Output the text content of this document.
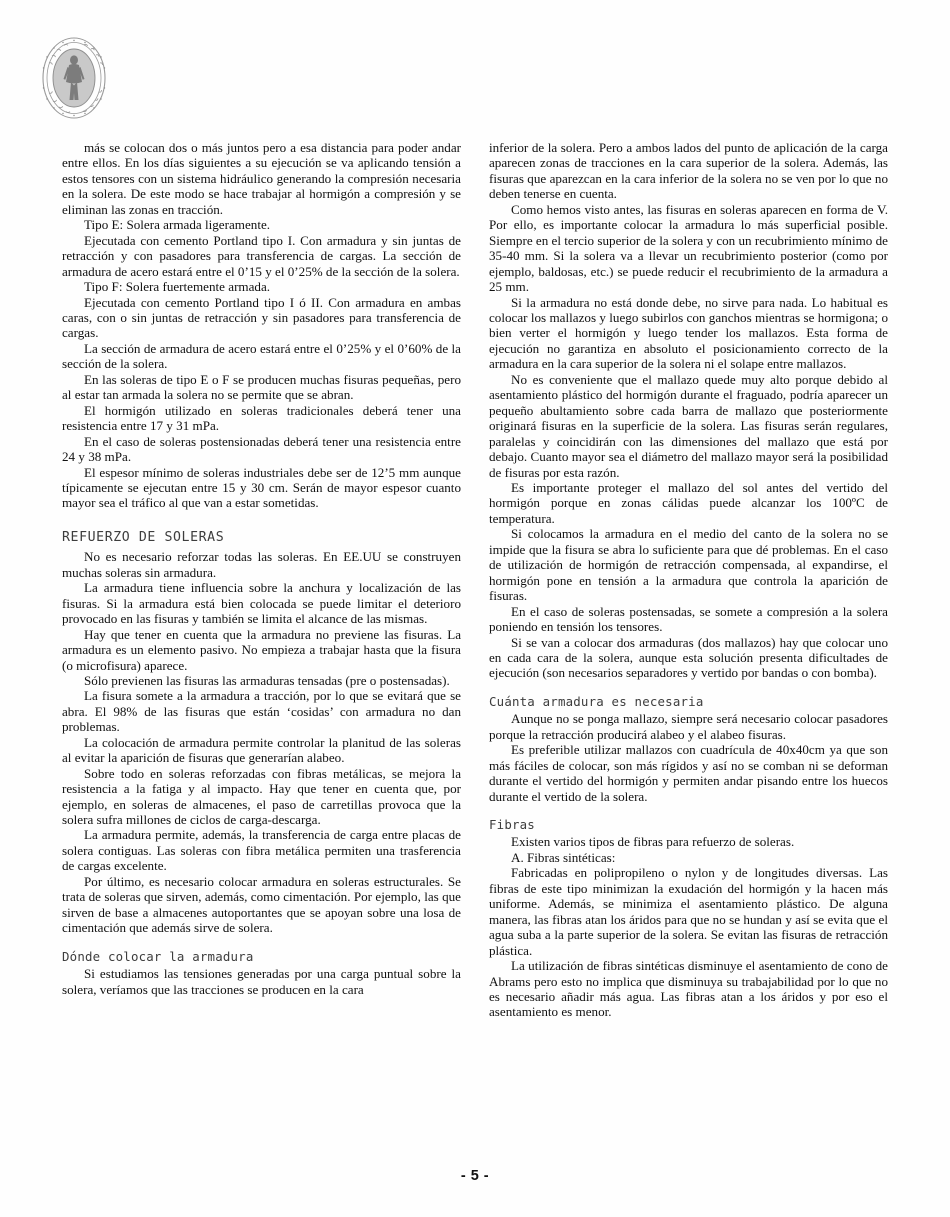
más se colocan dos o más juntos pero a esa distancia para poder andar entre ellos. En los días siguientes a su ejecución se va aplicando tensión a estos tensores con un sistema hidráulico generando la compresión necesaria en la solera. De este modo se hace trabajar al hormigón a compresión y se eliminan las zonas en tracción.

Tipo E: Solera armada ligeramente.

Ejecutada con cemento Portland tipo I. Con armadura y sin juntas de retracción y con pasadores para transferencia de cargas. La sección de armadura de acero estará entre el 0’15 y el 0’25% de la sección de la solera.

Tipo F: Solera fuertemente armada.

Ejecutada con cemento Portland tipo I ó II. Con armadura en ambas caras, con o sin juntas de retracción y sin pasadores para transferencia de cargas.

La sección de armadura de acero estará entre el 0’25% y el 0’60% de la sección de la solera.

En las soleras de tipo E o F se producen muchas fisuras pequeñas, pero al estar tan armada la solera no se permite que se abran.

El hormigón utilizado en soleras tradicionales deberá tener una resistencia entre 17 y 31 mPa.

En el caso de soleras postensionadas deberá tener una resistencia entre 24 y 38 mPa.

El espesor mínimo de soleras industriales debe ser de 12’5 mm aunque típicamente se ejecutan entre 15 y 30 cm. Serán de mayor espesor cuanto mayor sea el tráfico al que van a estar sometidas.

REFUERZO DE SOLERAS

No es necesario reforzar todas las soleras. En EE.UU se construyen muchas soleras sin armadura.

La armadura tiene influencia sobre la anchura y localización de las fisuras. Si la armadura está bien colocada se puede limitar el deterioro provocado en las fisuras y también se limita el alcance de las mismas.

Hay que tener en cuenta que la armadura no previene las fisuras. La armadura es un elemento pasivo. No empieza a trabajar hasta que la fisura (o microfisura) aparece.

Sólo previenen las fisuras las armaduras tensadas (pre o postensadas).

La fisura somete a la armadura a tracción, por lo que se evitará que se abra. El 98% de las fisuras que están ‘cosidas’ con armadura no dan problemas.

La colocación de armadura permite controlar la planitud de las soleras al evitar la aparición de fisuras que generarían alabeo.

Sobre todo en soleras reforzadas con fibras metálicas, se mejora la resistencia a la fatiga y al impacto. Hay que tener en cuenta que, por ejemplo, en soleras de almacenes, el paso de carretillas provoca que la solera sufra millones de ciclos de carga-descarga.

La armadura permite, además, la transferencia de carga entre placas de solera contiguas. Las soleras con fibra metálica permiten una trasferencia de cargas excelente.

Por último, es necesario colocar armadura en soleras estructurales. Se trata de soleras que sirven, además, como cimentación. Por ejemplo, las que sirven de base a almacenes autoportantes que se apoyan sobre una losa de cimentación que además sirve de solera.

Dónde colocar la armadura

Si estudiamos las tensiones generadas por una carga puntual sobre la solera, veríamos que las tracciones se producen en la cara

inferior de la solera. Pero a ambos lados del punto de aplicación de la carga aparecen zonas de tracciones en la cara superior de la solera. Además, las fisuras que aparezcan en la cara inferior de la solera no se ven por lo que no deben tenerse en cuenta.

Como hemos visto antes, las fisuras en soleras aparecen en forma de V. Por ello, es importante colocar la armadura lo más superficial posible. Siempre en el tercio superior de la solera y con un recubrimiento mínimo de 35-40 mm. Si la solera va a llevar un recubrimiento posterior (como por ejemplo, baldosas, etc.) se puede reducir el recubrimiento de la armadura a 25 mm.

Si la armadura no está donde debe, no sirve para nada. Lo habitual es colocar los mallazos y luego subirlos con ganchos mientras se hormigona; o bien verter el hormigón y luego tender los mallazos. Esta forma de ejecución no garantiza en absoluto el posicionamiento correcto de la armadura en la cara superior de la solera ni el solape entre mallazos.

No es conveniente que el mallazo quede muy alto porque debido al asentamiento plástico del hormigón durante el fraguado, podría aparecer un pequeño abultamiento sobre cada barra de mallazo que posteriormente originará fisuras en la superficie de la solera. Las fisuras serán regulares, paralelas y coincidirán con las dimensiones del mallazo que está por debajo. Cuanto mayor sea el diámetro del mallazo mayor será la posibilidad de fisuras por esta razón.

Es importante proteger el mallazo del sol antes del vertido del hormigón porque en zonas cálidas puede alcanzar los 100ºC de temperatura.

Si colocamos la armadura en el medio del canto de la solera no se impide que la fisura se abra lo suficiente para que dé problemas. En el caso de utilización de hormigón de retracción compensada, al expandirse, el hormigón pone en tensión a la armadura que controla la aparición de fisuras.

En el caso de soleras postensadas, se somete a compresión a la solera poniendo en tensión los tensores.

Si se van a colocar dos armaduras (dos mallazos) hay que colocar uno en cada cara de la solera, aunque esta solución presenta dificultades de ejecución (son necesarios separadores y vertido por bandas o con bomba).

Cuánta armadura es necesaria

Aunque no se ponga mallazo, siempre será necesario colocar pasadores porque la retracción producirá alabeo y el alabeo fisuras.

Es preferible utilizar mallazos con cuadrícula de 40x40cm ya que son más fáciles de colocar, son más rígidos y así no se comban ni se deforman durante el vertido del hormigón y permiten andar pisando entre los huecos durante el vertido de la solera.

Fibras

Existen varios tipos de fibras para refuerzo de soleras.

A. Fibras sintéticas:

Fabricadas en polipropileno o nylon y de longitudes diversas. Las fibras de este tipo minimizan la exudación del hormigón y la hacen más uniforme. Además, se minimiza el asentamiento plástico. De alguna manera, las fibras atan los áridos para que no se hundan y así se evita que el agua suba a la parte superior de la solera. Se evitan las fisuras de retracción plástica.

La utilización de fibras sintéticas disminuye el asentamiento de cono de Abrams pero esto no implica que disminuya su trabajabilidad por lo que no es necesario añadir más agua. Las fibras atan a los áridos y por eso el asentamiento es menor.

- 5 -
